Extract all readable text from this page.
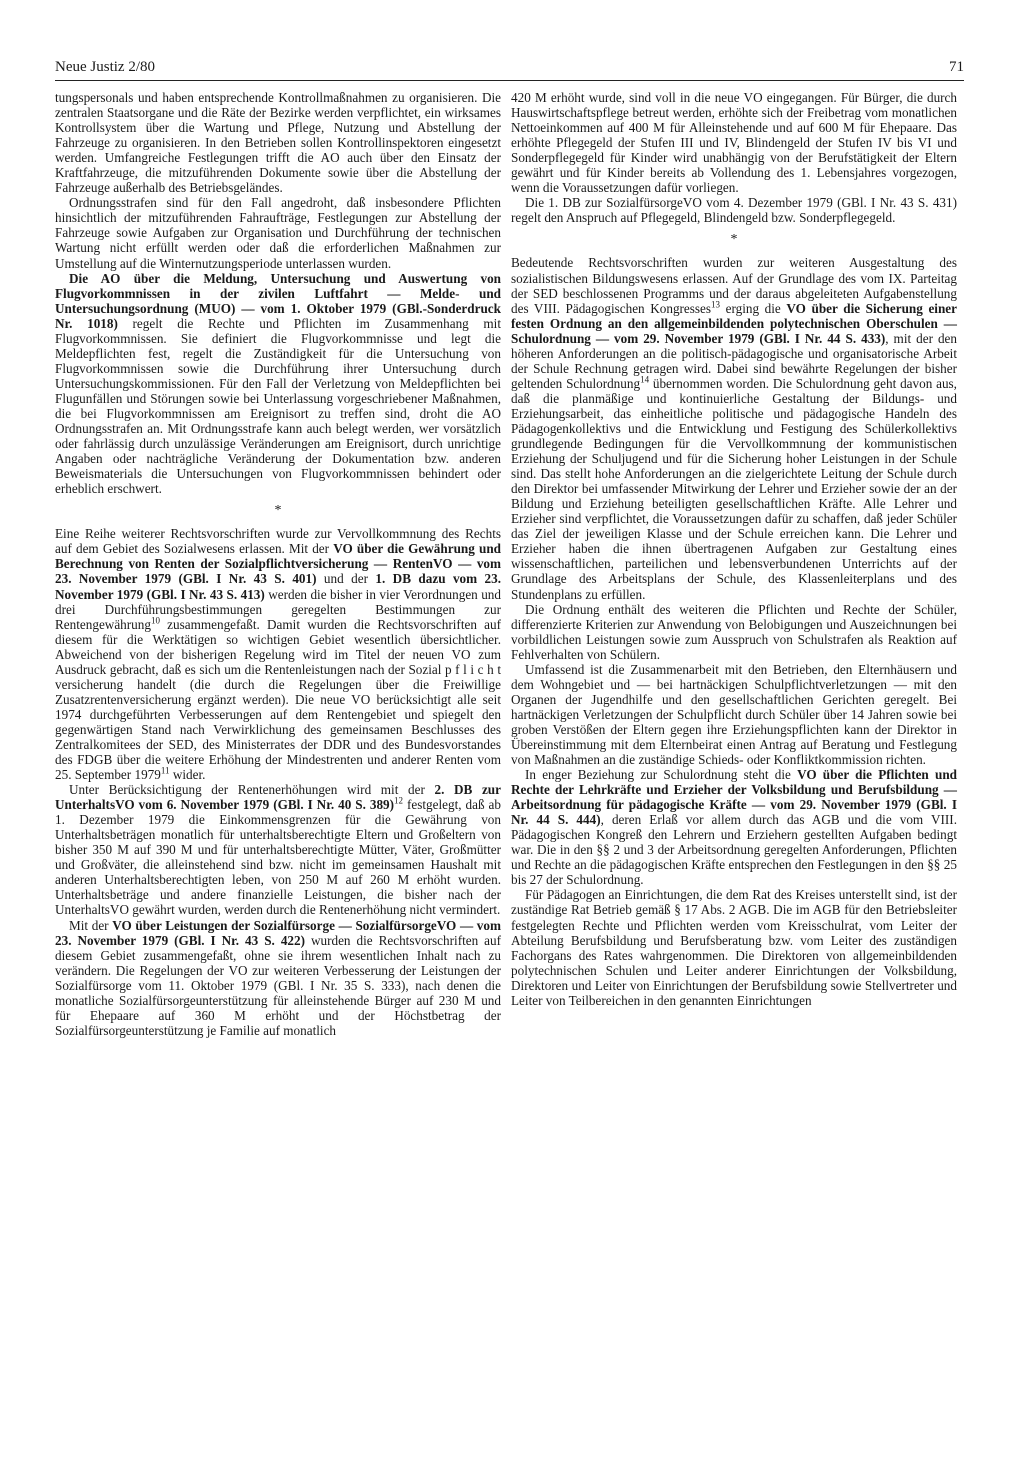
Neue Justiz 2/80	71

tungspersonals und haben entsprechende Kontrollmaßnahmen zu organisieren. Die zentralen Staatsorgane und die Räte der Bezirke werden verpflichtet, ein wirksames Kontrollsystem über die Wartung und Pflege, Nutzung und Abstellung der Fahrzeuge zu organisieren. In den Betrieben sollen Kontrollinspektoren eingesetzt werden. Umfangreiche Festlegungen trifft die AO auch über den Einsatz der Kraftfahrzeuge, die mitzuführenden Dokumente sowie über die Abstellung der Fahrzeuge außerhalb des Betriebsgeländes.

Ordnungsstrafen sind für den Fall angedroht, daß insbesondere Pflichten hinsichtlich der mitzuführenden Fahraufträge, Festlegungen zur Abstellung der Fahrzeuge sowie Aufgaben zur Organisation und Durchführung der technischen Wartung nicht erfüllt werden oder daß die erforderlichen Maßnahmen zur Umstellung auf die Winternutzungsperiode unterlassen wurden.

Die AO über die Meldung, Untersuchung und Auswertung von Flugvorkommnissen in der zivilen Luftfahrt — Melde- und Untersuchungsordnung (MUO) — vom 1. Oktober 1979 (GBl.-Sonderdruck Nr. 1018) regelt die Rechte und Pflichten im Zusammenhang mit Flugvorkommnissen. Sie definiert die Flugvorkommnisse und legt die Meldepflichten fest, regelt die Zuständigkeit für die Untersuchung von Flugvorkommnissen sowie die Durchführung ihrer Untersuchung durch Untersuchungskommissionen. Für den Fall der Verletzung von Meldepflichten bei Flugunfällen und Störungen sowie bei Unterlassung vorgeschriebener Maßnahmen, die bei Flugvorkommnissen am Ereignisort zu treffen sind, droht die AO Ordnungsstrafen an. Mit Ordnungsstrafe kann auch belegt werden, wer vorsätzlich oder fahrlässig durch unzulässige Veränderungen am Ereignisort, durch unrichtige Angaben oder nachträgliche Veränderung der Dokumentation bzw. anderen Beweismaterials die Untersuchungen von Flugvorkommnissen behindert oder erheblich erschwert.

*

Eine Reihe weiterer Rechtsvorschriften wurde zur Vervollkommnung des Rechts auf dem Gebiet des Sozialwesens erlassen. Mit der VO über die Gewährung und Berechnung von Renten der Sozialpflichtversicherung — RentenVO — vom 23. November 1979 (GBl. I Nr. 43 S. 401) und der 1. DB dazu vom 23. November 1979 (GBl. I Nr. 43 S. 413) werden die bisher in vier Verordnungen und drei Durchführungsbestimmungen geregelten Bestimmungen zur Rentengewährung$^{10}$ zusammengefaßt. Damit wurden die Rechtsvorschriften auf diesem für die Werktätigen so wichtigen Gebiet wesentlich übersichtlicher. Abweichend von der bisherigen Regelung wird im Titel der neuen VO zum Ausdruck gebracht, daß es sich um die Rentenleistungen nach der Sozial p f l i c h t versicherung handelt (die durch die Regelungen über die Freiwillige Zusatzrentenversicherung ergänzt werden). Die neue VO berücksichtigt alle seit 1974 durchgeführten Verbesserungen auf dem Rentengebiet und spiegelt den gegenwärtigen Stand nach Verwirklichung des gemeinsamen Beschlusses des Zentralkomitees der SED, des Ministerrates der DDR und des Bundesvorstandes des FDGB über die weitere Erhöhung der Mindestrenten und anderer Renten vom 25. September 1979$^{11}$ wider.

Unter Berücksichtigung der Rentenerhöhungen wird mit der 2. DB zur UnterhaltsVO vom 6. November 1979 (GBl. I Nr. 40 S. 389)$^{12}$ festgelegt, daß ab 1. Dezember 1979 die Einkommensgrenzen für die Gewährung von Unterhaltsbeträgen monatlich für unterhaltsberechtigte Eltern und Großeltern von bisher 350 M auf 390 M und für unterhaltsberechtigte Mütter, Väter, Großmütter und Großväter, die alleinstehend sind bzw. nicht im gemeinsamen Haushalt mit anderen Unterhaltsberechtigten leben, von 250 M auf 260 M erhöht wurden. Unterhaltsbeträge und andere finanzielle Leistungen, die bisher nach der UnterhaltsVO gewährt wurden, werden durch die Rentenerhöhung nicht vermindert.

Mit der VO über Leistungen der Sozialfürsorge — SozialfürsorgeVO — vom 23. November 1979 (GBl. I Nr. 43 S. 422) wurden die Rechtsvorschriften auf diesem Gebiet zusammengefaßt, ohne sie ihrem wesentlichen Inhalt nach zu verändern. Die Regelungen der VO zur weiteren Verbesserung der Leistungen der Sozialfürsorge vom 11. Oktober 1979 (GBl. I Nr. 35 S. 333), nach denen die monatliche Sozialfürsorgeunterstützung für alleinstehende Bürger auf 230 M und für Ehepaare auf 360 M erhöht und der Höchstbetrag der Sozialfürsorgeunterstützung je Familie auf monatlich

420 M erhöht wurde, sind voll in die neue VO eingegangen. Für Bürger, die durch Hauswirtschaftspflege betreut werden, erhöhte sich der Freibetrag vom monatlichen Nettoeinkommen auf 400 M für Alleinstehende und auf 600 M für Ehepaare. Das erhöhte Pflegegeld der Stufen III und IV, Blindengeld der Stufen IV bis VI und Sonderpflegegeld für Kinder wird unabhängig von der Berufstätigkeit der Eltern gewährt und für Kinder bereits ab Vollendung des 1. Lebensjahres vorgezogen, wenn die Voraussetzungen dafür vorliegen.

Die 1. DB zur SozialfürsorgeVO vom 4. Dezember 1979 (GBl. I Nr. 43 S. 431) regelt den Anspruch auf Pflegegeld, Blindengeld bzw. Sonderpflegegeld.

*

Bedeutende Rechtsvorschriften wurden zur weiteren Ausgestaltung des sozialistischen Bildungswesens erlassen. Auf der Grundlage des vom IX. Parteitag der SED beschlossenen Programms und der daraus abgeleiteten Aufgabenstellung des VIII. Pädagogischen Kongresses$^{13}$ erging die VO über die Sicherung einer festen Ordnung an den allgemeinbildenden polytechnischen Oberschulen — Schulordnung — vom 29. November 1979 (GBl. I Nr. 44 S. 433), mit der den höheren Anforderungen an die politisch-pädagogische und organisatorische Arbeit der Schule Rechnung getragen wird. Dabei sind bewährte Regelungen der bisher geltenden Schulordnung$^{14}$ übernommen worden. Die Schulordnung geht davon aus, daß die planmäßige und kontinuierliche Gestaltung der Bildungs- und Erziehungsarbeit, das einheitliche politische und pädagogische Handeln des Pädagogenkollektivs und die Entwicklung und Festigung des Schülerkollektivs grundlegende Bedingungen für die Vervollkommnung der kommunistischen Erziehung der Schuljugend und für die Sicherung hoher Leistungen in der Schule sind. Das stellt hohe Anforderungen an die zielgerichtete Leitung der Schule durch den Direktor bei umfassender Mitwirkung der Lehrer und Erzieher sowie der an der Bildung und Erziehung beteiligten gesellschaftlichen Kräfte. Alle Lehrer und Erzieher sind verpflichtet, die Voraussetzungen dafür zu schaffen, daß jeder Schüler das Ziel der jeweiligen Klasse und der Schule erreichen kann. Die Lehrer und Erzieher haben die ihnen übertragenen Aufgaben zur Gestaltung eines wissenschaftlichen, parteilichen und lebensverbundenen Unterrichts auf der Grundlage des Arbeitsplans der Schule, des Klassenleiterplans und des Stundenplans zu erfüllen.

Die Ordnung enthält des weiteren die Pflichten und Rechte der Schüler, differenzierte Kriterien zur Anwendung von Belobigungen und Auszeichnungen bei vorbildlichen Leistungen sowie zum Ausspruch von Schulstrafen als Reaktion auf Fehlverhalten von Schülern.

Umfassend ist die Zusammenarbeit mit den Betrieben, den Elternhäusern und dem Wohngebiet und — bei hartnäckigen Schulpflichtverletzungen — mit den Organen der Jugendhilfe und den gesellschaftlichen Gerichten geregelt. Bei hartnäckigen Verletzungen der Schulpflicht durch Schüler über 14 Jahren sowie bei groben Verstößen der Eltern gegen ihre Erziehungspflichten kann der Direktor in Übereinstimmung mit dem Elternbeirat einen Antrag auf Beratung und Festlegung von Maßnahmen an die zuständige Schieds- oder Konfliktkommission richten.

In enger Beziehung zur Schulordnung steht die VO über die Pflichten und Rechte der Lehrkräfte und Erzieher der Volksbildung und Berufsbildung — Arbeitsordnung für pädagogische Kräfte — vom 29. November 1979 (GBl. I Nr. 44 S. 444), deren Erlaß vor allem durch das AGB und die vom VIII. Pädagogischen Kongreß den Lehrern und Erziehern gestellten Aufgaben bedingt war. Die in den §§ 2 und 3 der Arbeitsordnung geregelten Anforderungen, Pflichten und Rechte an die pädagogischen Kräfte entsprechen den Festlegungen in den §§ 25 bis 27 der Schulordnung.

Für Pädagogen an Einrichtungen, die dem Rat des Kreises unterstellt sind, ist der zuständige Rat Betrieb gemäß § 17 Abs. 2 AGB. Die im AGB für den Betriebsleiter festgelegten Rechte und Pflichten werden vom Kreisschulrat, vom Leiter der Abteilung Berufsbildung und Berufsberatung bzw. vom Leiter des zuständigen Fachorgans des Rates wahrgenommen. Die Direktoren von allgemeinbildenden polytechnischen Schulen und Leiter anderer Einrichtungen der Volksbildung, Direktoren und Leiter von Einrichtungen der Berufsbildung sowie Stellvertreter und Leiter von Teilbereichen in den genannten Einrichtungen
